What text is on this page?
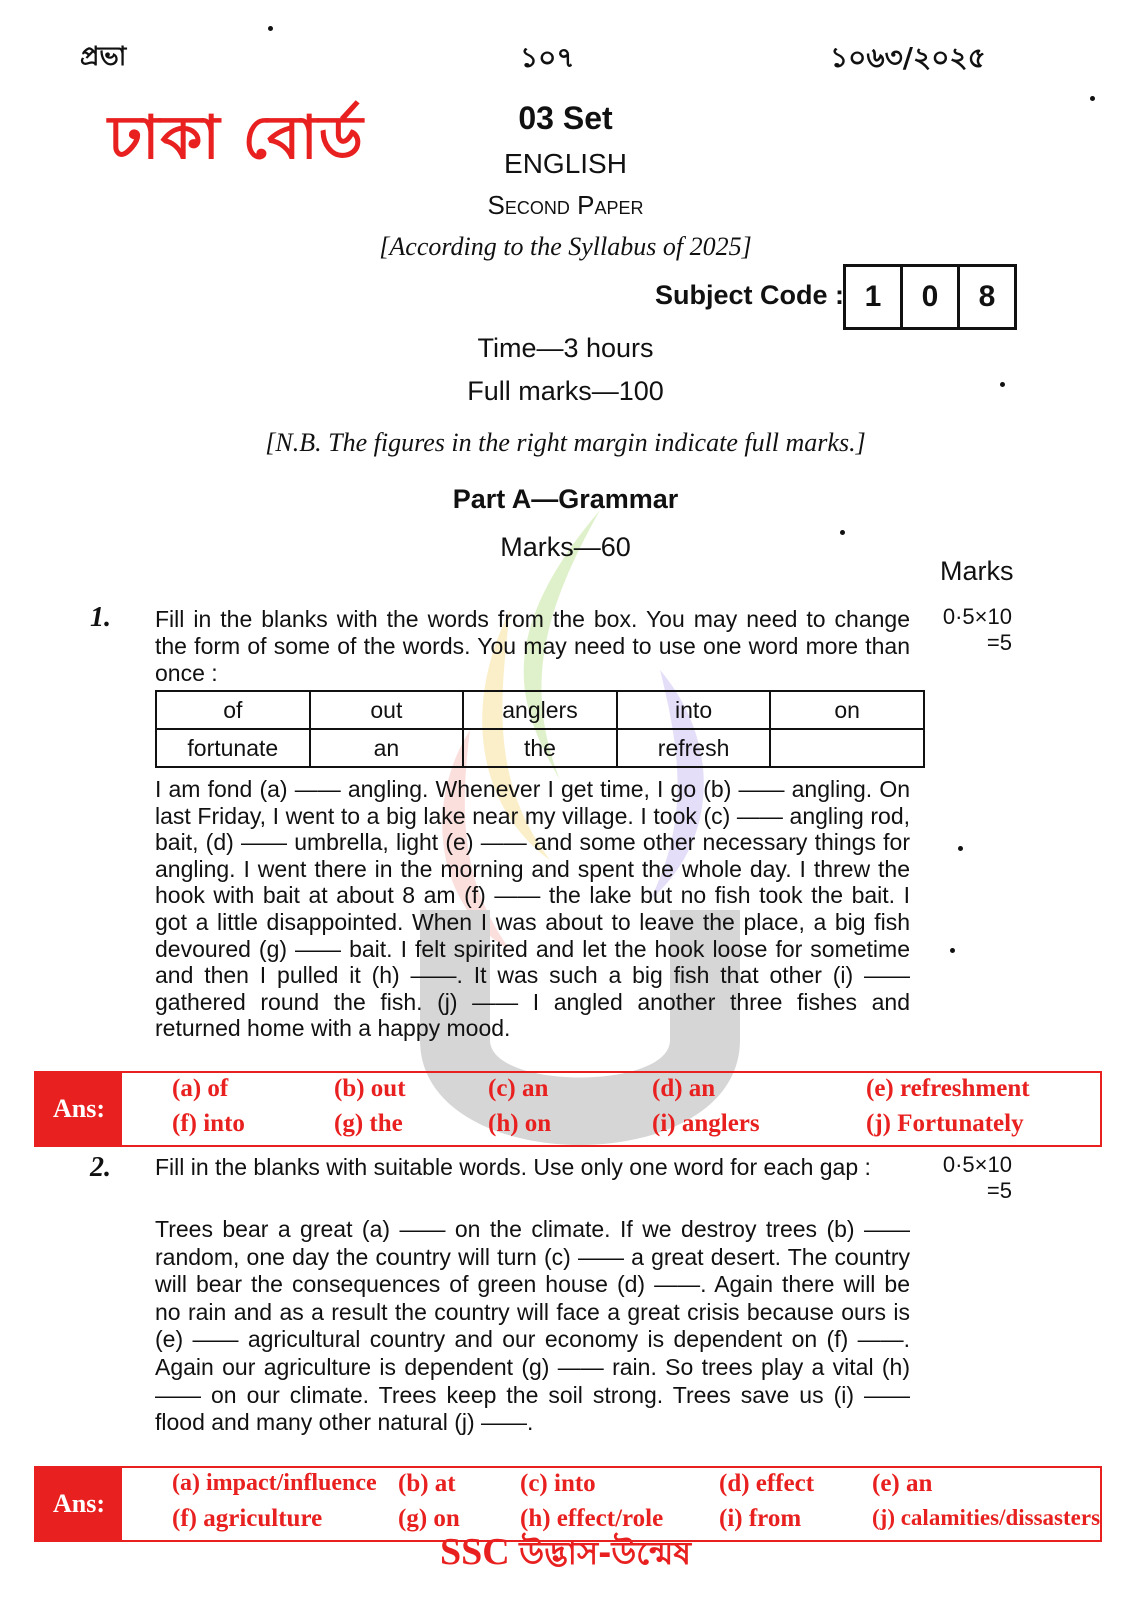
প্রভা	১০৭	১০৬৩/২০২৫
ঢাকা বোর্ড	03 Set
ENGLISH
Second Paper
[According to the Syllabus of 2025]
Subject Code : 1	0	8
Time—3 hours
Full marks—100
[N.B. The figures in the right margin indicate full marks.]
Part A—Grammar
Marks—60
Marks
1. Fill in the blanks with the words from the box. You may need to change the form of some of the words. You may need to use one word more than once :
0·5×10
=5
of	out	anglers	into	on
fortunate	an	the	refresh	
I am fond (a) —— angling. Whenever I get time, I go (b) —— angling. On last Friday, I went to a big lake near my village. I took (c) —— angling rod, bait, (d) —— umbrella, light (e) —— and some other necessary things for angling. I went there in the morning and spent the whole day. I threw the hook with bait at about 8 am (f) —— the lake but no fish took the bait. I got a little disappointed. When I was about to leave the place, a big fish devoured (g) —— bait. I felt spirited and let the hook loose for sometime and then I pulled it (h) ——. It was such a big fish that other (i) —— gathered round the fish. (j) —— I angled another three fishes and returned home with a happy mood.
Ans:
(a) of	(b) out	(c) an	(d) an	(e) refreshment
(f) into	(g) the	(h) on	(i) anglers	(j) Fortunately
2. Fill in the blanks with suitable words. Use only one word for each gap :	0·5×10
=5
Trees bear a great (a) —— on the climate. If we destroy trees (b) —— random, one day the country will turn (c) —— a great desert. The country will bear the consequences of green house (d) ——. Again there will be no rain and as a result the country will face a great crisis because ours is (e) —— agricultural country and our economy is dependent on (f) ——. Again our agriculture is dependent (g) —— rain. So trees play a vital (h) —— on our climate. Trees keep the soil strong. Trees save us (i) —— flood and many other natural (j) ——.
Ans:
(a) impact/influence (b) at	(c) into	(d) effect (e) an
(f) agriculture	(g) on (h) effect/role (i) from	(j) calamities/dissasters
SSC উদ্ভাস-উন্মেষ
